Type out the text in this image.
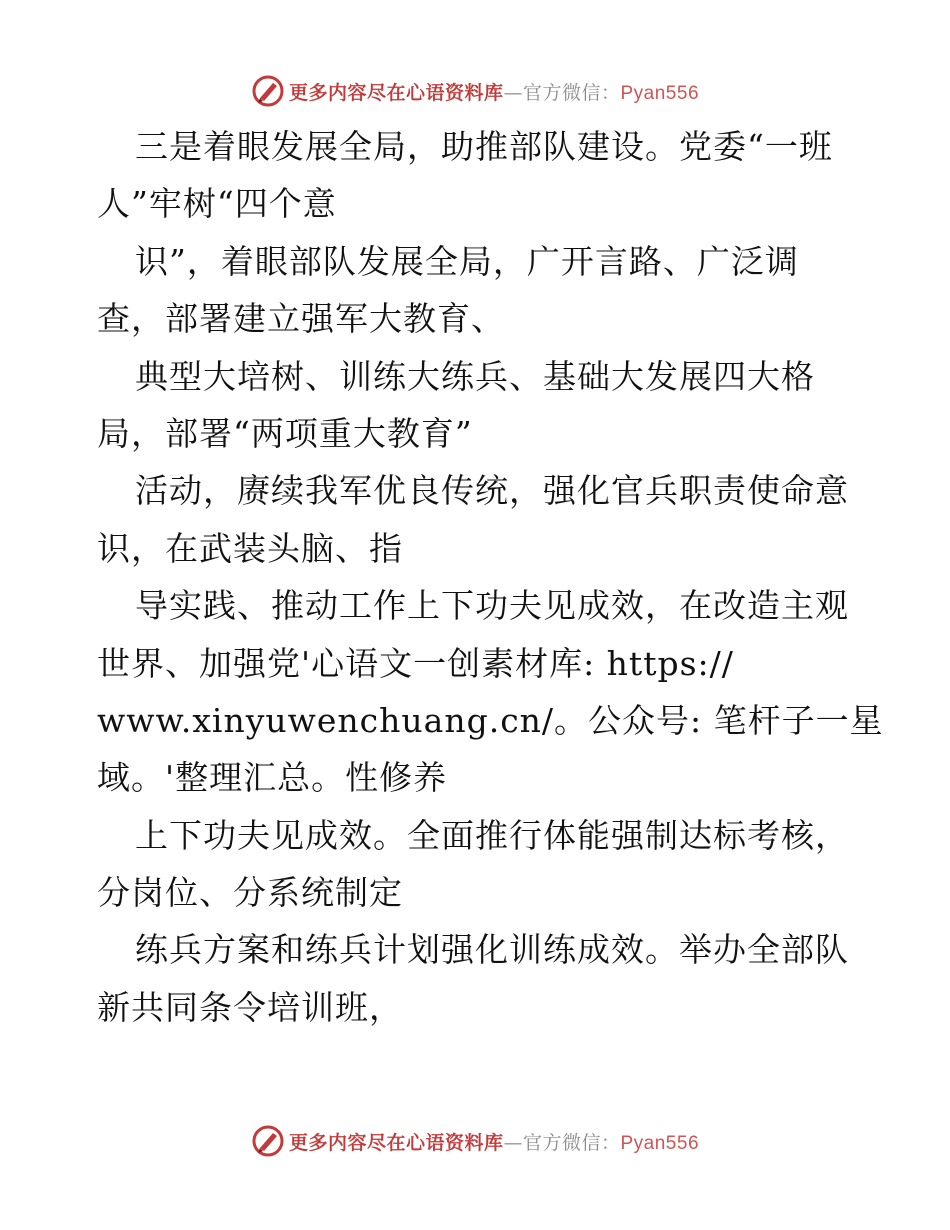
更多内容尽在心语资料库—官方微信：Pyan556
三是着眼发展全局，助推部队建设。党委“一班
人”牢树“四个意
识”，着眼部队发展全局，广开言路、广泛调
查，部署建立强军大教育、
典型大培树、训练大练兵、基础大发展四大格
局，部署“两项重大教育”
活动，赓续我军优良传统，强化官兵职责使命意
识，在武装头脑、指
导实践、推动工作上下功夫见成效，在改造主观
世界、加强党'心语文一创素材库: https://
www.xinyuwenchuang.cn/。公众号: 笔杆子一星
域。'整理汇总。性修养
上下功夫见成效。全面推行体能强制达标考核，
分岗位、分系统制定
练兵方案和练兵计划强化训练成效。举办全部队
新共同条令培训班，
更多内容尽在心语资料库—官方微信：Pyan556
